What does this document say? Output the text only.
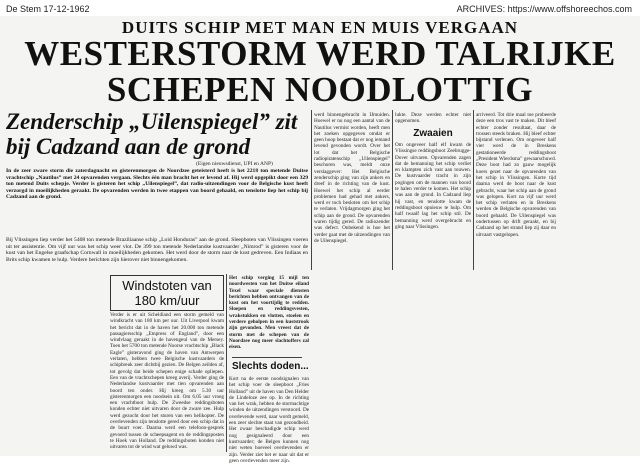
De Stem 17-12-1962	ARCHIVES: https://www.offshoreechos.com
DUITS SCHIP MET MAN EN MUIS VERGAAN
WESTERSTORM WERD TALRIJKE
SCHEPEN NOODLOTTIG
Zenderschip „Uilenspiegel” zit
bij Cadzand aan de grond
(Eigen nieuwsdienst, UPI en ANP)
In de zeer zware storm die zaterdagnacht en gisterenmorgen de Noordzee geteisterd heeft is het 2218 ton metende Duitse vrachtschip „Nautilus” met 24 opvarenden vergaan. Slechts één man bracht het er levend af. Hij werd opgepikt door een 329 ton metend Duits schepje. Verder is gisteren het schip „Uilenspiegel”, dat radio-uitzendingen voor de Belgische kust heeft verzorgd in moeilijkheden geraakt. De opvarenden werden in twee etappen van boord gehaald, en tenslotte liep het schip bij Cadzand aan de grond.
Bij Vlissingen liep verder het 5408 ton metende Braziliaanse schip „Loid Honduras” aan de grond. Sleepboten van Vlissingen voeren uit ter assistentie. Om vijf uur was het schip weer vlot. De 399 ton metende Nederlandse kustvaarder „Nimrod” is gisteren voor de kust van het Engelse graafschap Cornwall in moeilijkheden gekomen. Het werd door de storm naar de kust gedreven. Een Indiaas en Brits schip kwamen te hulp. Verdere berichten zijn hierover niet binnengekomen.
Windstoten van
180 km/uur
Verder is er uit Scheldiand een storm gemeld van windkracht van 180 km per uur. Uit Liverpool kwam het bericht dat in de haven het 20.000 ton metende passagiersschip „Empress of England”, door een windvlaag geraakt in de havengeul van de Mersey. Toen het 5700 ton metende Noorse vrachtschip „Black Eagle” gisteravond ging de haven van Antwerpen verlaten, hebben twee Belgische kustvaarders de schipbreuk zeer dichtbij gezien. De Belgen zeilden af, tot gevolg dat beide schepen enige schade opliepen. Een van de vrachtschepen kreeg averij. Verder ging de Nederlandse kustvaarder met tien opvarenden aan boord ten onder. Hij kreeg om 5.30 uur gisterenmorgen een noodsein uit. Om 6.05 uur vroeg een vrachtboot hulp. De Zweedse reddingsboten konden echter niet uitvaren door de zware zee. Hulp werd gezocht door het sturen van een helikopter. De overlevenden zijn tenslotte gered door een schip dat in de buurt voer. Daarna werd een telefoon-gesprek gevoerd tussen de scheepsagent en de reddingsposten te Hoek van Holland. De reddingsboten konden niet uitvaren tot de wind wat geluwd was.
Het schip verging 15 mijl ten noordwesten van het Duitse eiland Texel waar speciale diensten berichten hebben ontvangen van de kust om het voortijdig te redden. Sloepen en reddingsvesten, wrakstukken en vlotten, stoelen en verdere geholpen in een kuststrook zijn gevonden. Men vreest dat de storm met de schepen van de Noordzee nog meer slachtoffers zal eisen.
Slechts doden...
Kort na de eerste noodsignalen van het schip voer de sleepboot „Fries Holland” uit de haven van Den Helder de Lindeloze zee op. In de richting van het wrak, hebben de stormachtige winden de uitzendingen verstoord. De overlevende werd, naar wordt gemeld, een zeer slechte staat van gezondheid. Het zwaar beschadigde schip werd nog gesignaleerd door een kustvaarder; de Belgen kunnen nog niet weten hoeveel overlevenden er zijn. Verder ziet het er naar uit dat er geen overlevenden meer zijn.
werd binnengebracht in IJmuiden. Hoewel er nu nog een aantal van de Nautilus vermist worden, heeft men het zoeken opgegeven omdat er geen hoop bestaat dat er nog iemand levend gevonden wordt. Over het lot dat het Belgische radiopiratenschip „Uilenspiegel” beschoren was, meldt onze verslaggever: Het Belgische zenderschip ging van zijn ankers en dreef in de richting van de kust. Hoewel het schip al eerder problemen had gehad met ankers, werd er toch besloten om het schip te verlaten. Vrijdagmorgen ging het schip aan de grond. De opvarenden waren tijdig gered. De radiozender was defect. Onbekend is hoe het verder gaat met de uitzendingen van de Uilenspiegel.
lukte. Deze werden echter niet opgenomen.
Zwaaien
Om ongeveer half elf kwam de Vlissingse reddingsboot Zeebrugge-Dover uitvaren. Opvarenden zagen dat de bemanning het schip verliet en klampten zich vast aan touwen. De kustvaarder tracht in zijn pogingen om de mannen van boord te halen verder te komen. Het schip was aan de grond. In Cadzand liep hij vast, en tenslotte kwam de reddingsboot opnieuw te hulp. Om half twaalf lag het schip stil. De bemanning werd overgebracht en ging naar Vlissingen.
arriveerd. Tot drie maal toe probeerde deze een tros vast te maken. Dit bleef echter zonder resultaat, daar de trossen steeds braken. Hij bleef echter bijstand verlenen. Om ongeveer half vier werd de in Breskens gestationeerde reddingsboot „President Wierdsma” gewaarschuwd. Deze boot had zo gauw mogelijk koers gezet naar de opvarenden van het schip in Vlissingen. Korte tijd daarna werd de boot naar de kust gebracht, waar het schip aan de grond was gelopen. Kort na vijf uur werd het schip verlaten en in Breskens werden de Belgische opvarenden van boord gehaald. De Uilenspiegel was ondertussen op drift geraakt, en bij Cadzand op het strand liep zij daar en uitvaart vastgelopen.
